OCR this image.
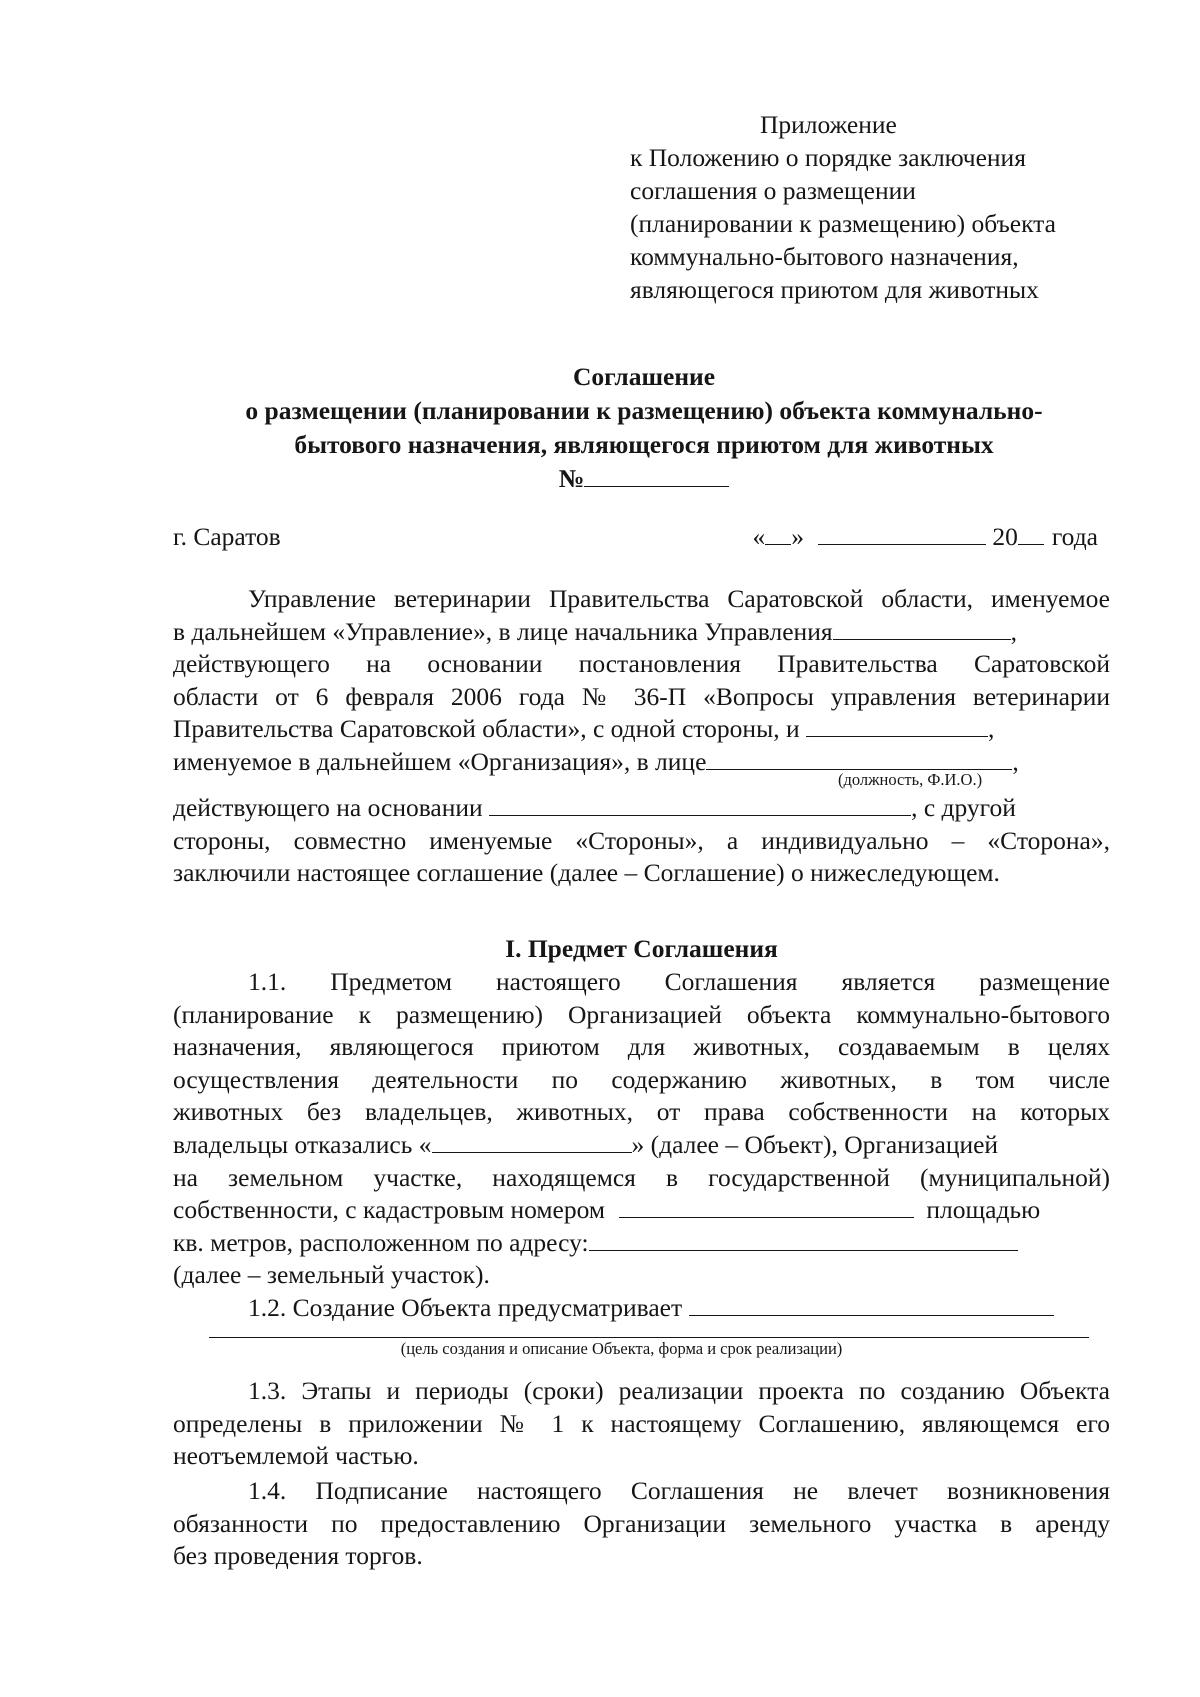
Приложение
к Положению о порядке заключения
соглашения о размещении
(планировании к размещению) объекта
коммунально-бытового назначения,
являющегося приютом для животных
Соглашение
о размещении (планировании к размещению) объекта коммунально-
бытового назначения, являющегося приютом для животных
№
г. Саратов	« »	20 года
Управление ветеринарии Правительства Саратовской области, именуемое
в дальнейшем «Управление», в лице начальника Управления	,
действующего на основании постановления Правительства Саратовской
области от 6 февраля 2006 года № 36-П «Вопросы управления ветеринарии
Правительства Саратовской области», с одной стороны, и	,
именуемое в дальнейшем «Организация», в лице	,
(должность, Ф.И.О.)
действующего на основании	, с другой
стороны, совместно именуемые «Стороны», а индивидуально – «Сторона»,
заключили настоящее соглашение (далее – Соглашение) о нижеследующем.
I. Предмет Соглашения
1.1. Предметом настоящего Соглашения является размещение
(планирование к размещению) Организацией объекта коммунально-бытового
назначения, являющегося приютом для животных, создаваемым в целях
осуществления деятельности по содержанию животных, в том числе
животных без владельцев, животных, от права собственности на которых
владельцы отказались «	» (далее – Объект), Организацией
на земельном участке, находящемся в государственной (муниципальной)
собственности, с кадастровым номером	площадью
кв. метров, расположенном по адресу:
(далее – земельный участок).
1.2. Создание Объекта предусматривает
(цель создания и описание Объекта, форма и срок реализации)
1.3. Этапы и периоды (сроки) реализации проекта по созданию Объекта
определены в приложении № 1 к настоящему Соглашению, являющемся его
неотъемлемой частью.
1.4. Подписание настоящего Соглашения не влечет возникновения
обязанности по предоставлению Организации земельного участка в аренду
без проведения торгов.
